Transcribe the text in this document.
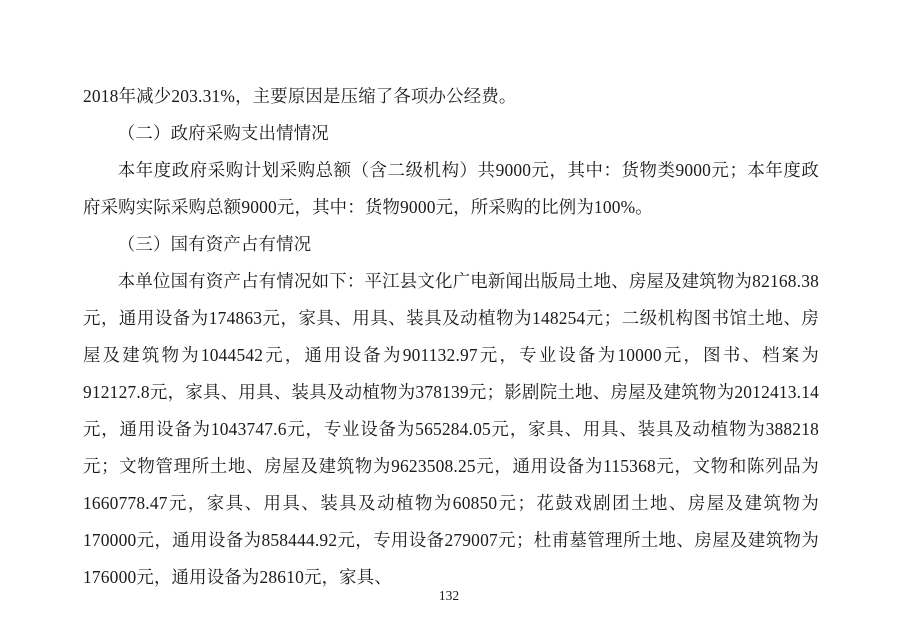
2018年减少203.31%，主要原因是压缩了各项办公经费。

（二）政府采购支出情情况

本年度政府采购计划采购总额（含二级机构）共9000元，其中：货物类9000元；本年度政府采购实际采购总额9000元，其中：货物9000元，所采购的比例为100%。

（三）国有资产占有情况

本单位国有资产占有情况如下：平江县文化广电新闻出版局土地、房屋及建筑物为82168.38元，通用设备为174863元，家具、用具、装具及动植物为148254元；二级机构图书馆土地、房屋及建筑物为1044542元，通用设备为901132.97元，专业设备为10000元，图书、档案为912127.8元，家具、用具、装具及动植物为378139元；影剧院土地、房屋及建筑物为2012413.14元，通用设备为1043747.6元，专业设备为565284.05元，家具、用具、装具及动植物为388218元；文物管理所土地、房屋及建筑物为9623508.25元，通用设备为115368元，文物和陈列品为1660778.47元，家具、用具、装具及动植物为60850元；花鼓戏剧团土地、房屋及建筑物为170000元，通用设备为858444.92元，专用设备279007元；杜甫墓管理所土地、房屋及建筑物为176000元，通用设备为28610元，家具、

132
